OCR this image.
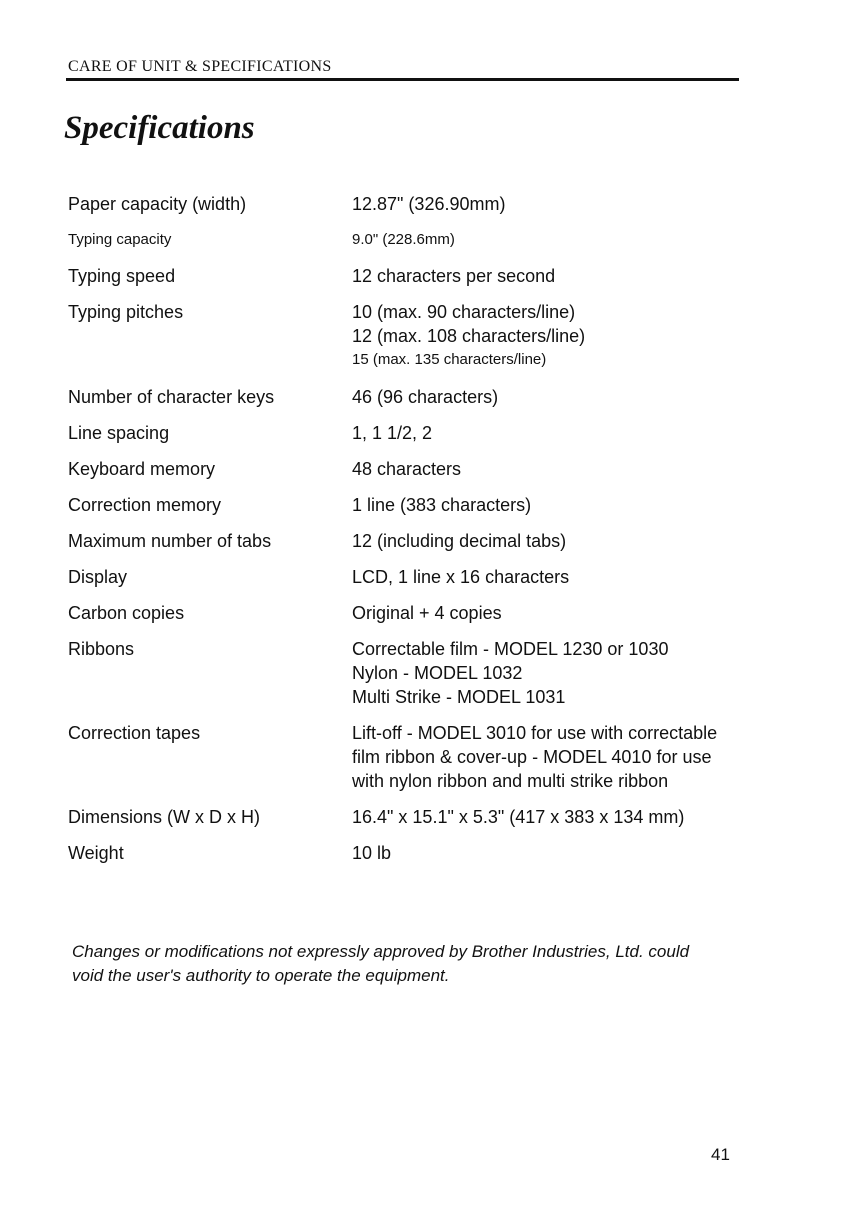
CARE OF UNIT & SPECIFICATIONS
Specifications
Paper capacity (width)	12.87" (326.90mm)
Typing capacity	9.0" (228.6mm)
Typing speed	12 characters per second
Typing pitches	10 (max. 90 characters/line)
12 (max. 108 characters/line)
15 (max. 135 characters/line)
Number of character keys	46 (96 characters)
Line spacing	1, 1 1/2, 2
Keyboard memory	48 characters
Correction memory	1 line (383 characters)
Maximum number of tabs	12 (including decimal tabs)
Display	LCD, 1 line x 16 characters
Carbon copies	Original + 4 copies
Ribbons	Correctable film - MODEL 1230 or 1030
Nylon - MODEL 1032
Multi Strike - MODEL 1031
Correction tapes	Lift-off - MODEL 3010 for use with correctable
film ribbon & cover-up - MODEL 4010 for use
with nylon ribbon and multi strike ribbon
Dimensions (W x D x H)	16.4" x 15.1" x 5.3" (417 x 383 x 134 mm)
Weight	10 lb
Changes or modifications not expressly approved by Brother Industries, Ltd. could
void the user's authority to operate the equipment.
41
